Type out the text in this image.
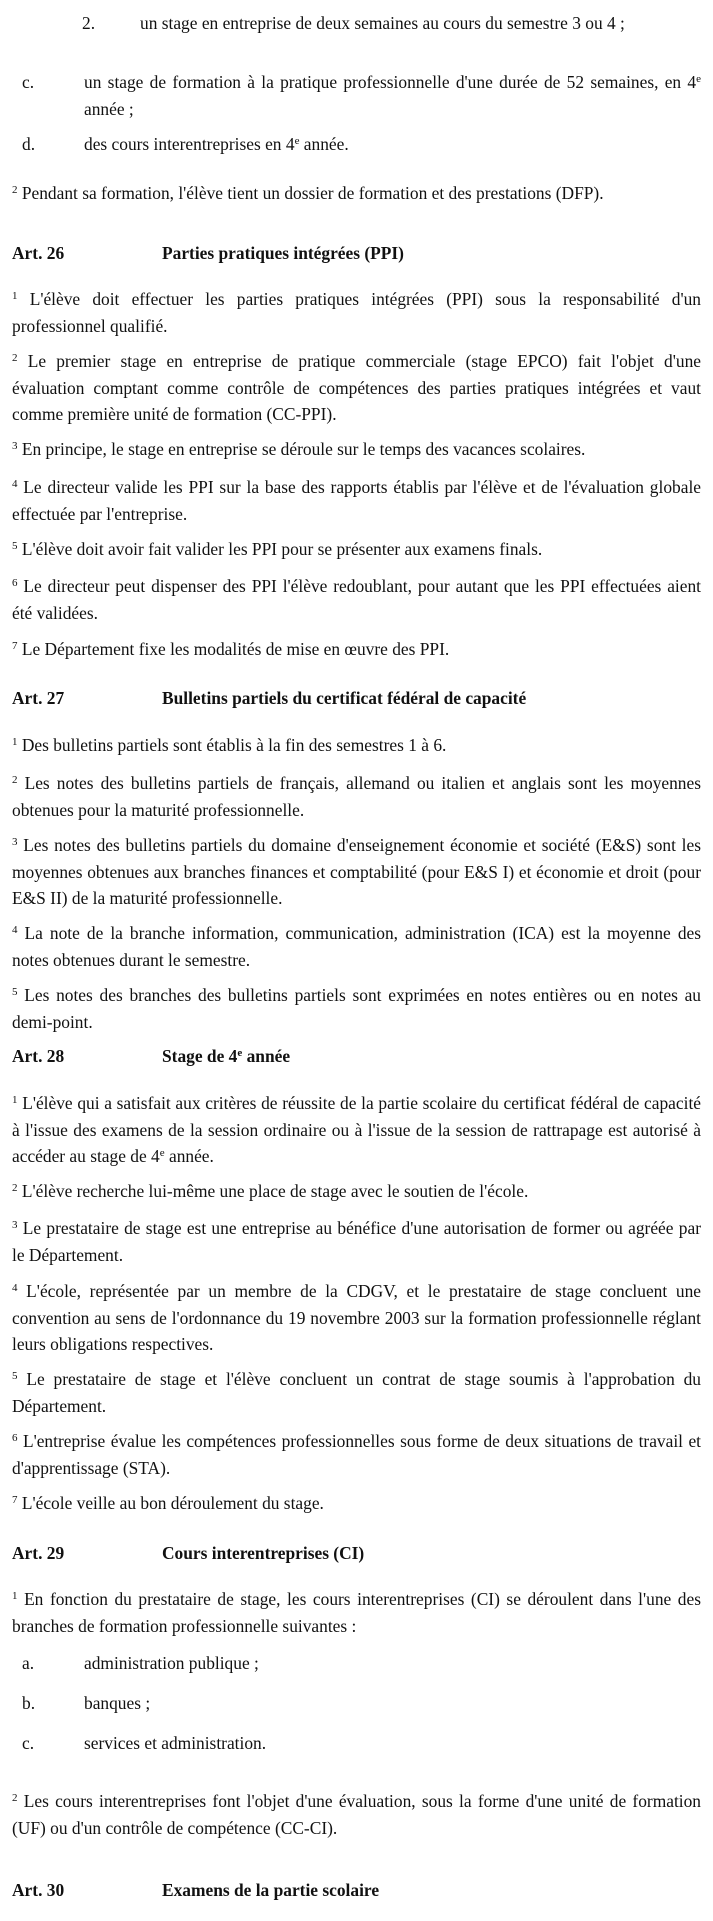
2.	un stage en entreprise de deux semaines au cours du semestre 3 ou 4 ;
c.	un stage de formation à la pratique professionnelle d'une durée de 52 semaines, en 4e année ;
d.	des cours interentreprises en 4e année.
$^2$ Pendant sa formation, l'élève tient un dossier de formation et des prestations (DFP).
Art. 26	Parties pratiques intégrées (PPI)
$^1$ L'élève doit effectuer les parties pratiques intégrées (PPI) sous la responsabilité d'un professionnel qualifié.
$^2$ Le premier stage en entreprise de pratique commerciale (stage EPCO) fait l'objet d'une évaluation comptant comme contrôle de compétences des parties pratiques intégrées et vaut comme première unité de formation (CC-PPI).
$^3$ En principe, le stage en entreprise se déroule sur le temps des vacances scolaires.
$^4$ Le directeur valide les PPI sur la base des rapports établis par l'élève et de l'évaluation globale effectuée par l'entreprise.
$^5$ L'élève doit avoir fait valider les PPI pour se présenter aux examens finals.
$^6$ Le directeur peut dispenser des PPI l'élève redoublant, pour autant que les PPI effectuées aient été validées.
$^7$ Le Département fixe les modalités de mise en œuvre des PPI.
Art. 27	Bulletins partiels du certificat fédéral de capacité
$^1$ Des bulletins partiels sont établis à la fin des semestres 1 à 6.
$^2$ Les notes des bulletins partiels de français, allemand ou italien et anglais sont les moyennes obtenues pour la maturité professionnelle.
$^3$ Les notes des bulletins partiels du domaine d'enseignement économie et société (E&S) sont les moyennes obtenues aux branches finances et comptabilité (pour E&S I) et économie et droit (pour E&S II) de la maturité professionnelle.
$^4$ La note de la branche information, communication, administration (ICA) est la moyenne des notes obtenues durant le semestre.
$^5$ Les notes des branches des bulletins partiels sont exprimées en notes entières ou en notes au demi-point.
Art. 28	Stage de 4e année
$^1$ L'élève qui a satisfait aux critères de réussite de la partie scolaire du certificat fédéral de capacité à l'issue des examens de la session ordinaire ou à l'issue de la session de rattrapage est autorisé à accéder au stage de 4e année.
$^2$ L'élève recherche lui-même une place de stage avec le soutien de l'école.
$^3$ Le prestataire de stage est une entreprise au bénéfice d'une autorisation de former ou agréée par le Département.
$^4$ L'école, représentée par un membre de la CDGV, et le prestataire de stage concluent une convention au sens de l'ordonnance du 19 novembre 2003 sur la formation professionnelle réglant leurs obligations respectives.
$^5$ Le prestataire de stage et l'élève concluent un contrat de stage soumis à l'approbation du Département.
$^6$ L'entreprise évalue les compétences professionnelles sous forme de deux situations de travail et d'apprentissage (STA).
$^7$ L'école veille au bon déroulement du stage.
Art. 29	Cours interentreprises (CI)
$^1$ En fonction du prestataire de stage, les cours interentreprises (CI) se déroulent dans l'une des branches de formation professionnelle suivantes :
a.	administration publique ;
b.	banques ;
c.	services et administration.
$^2$ Les cours interentreprises font l'objet d'une évaluation, sous la forme d'une unité de formation (UF) ou d'un contrôle de compétence (CC-CI).
Art. 30	Examens de la partie scolaire
